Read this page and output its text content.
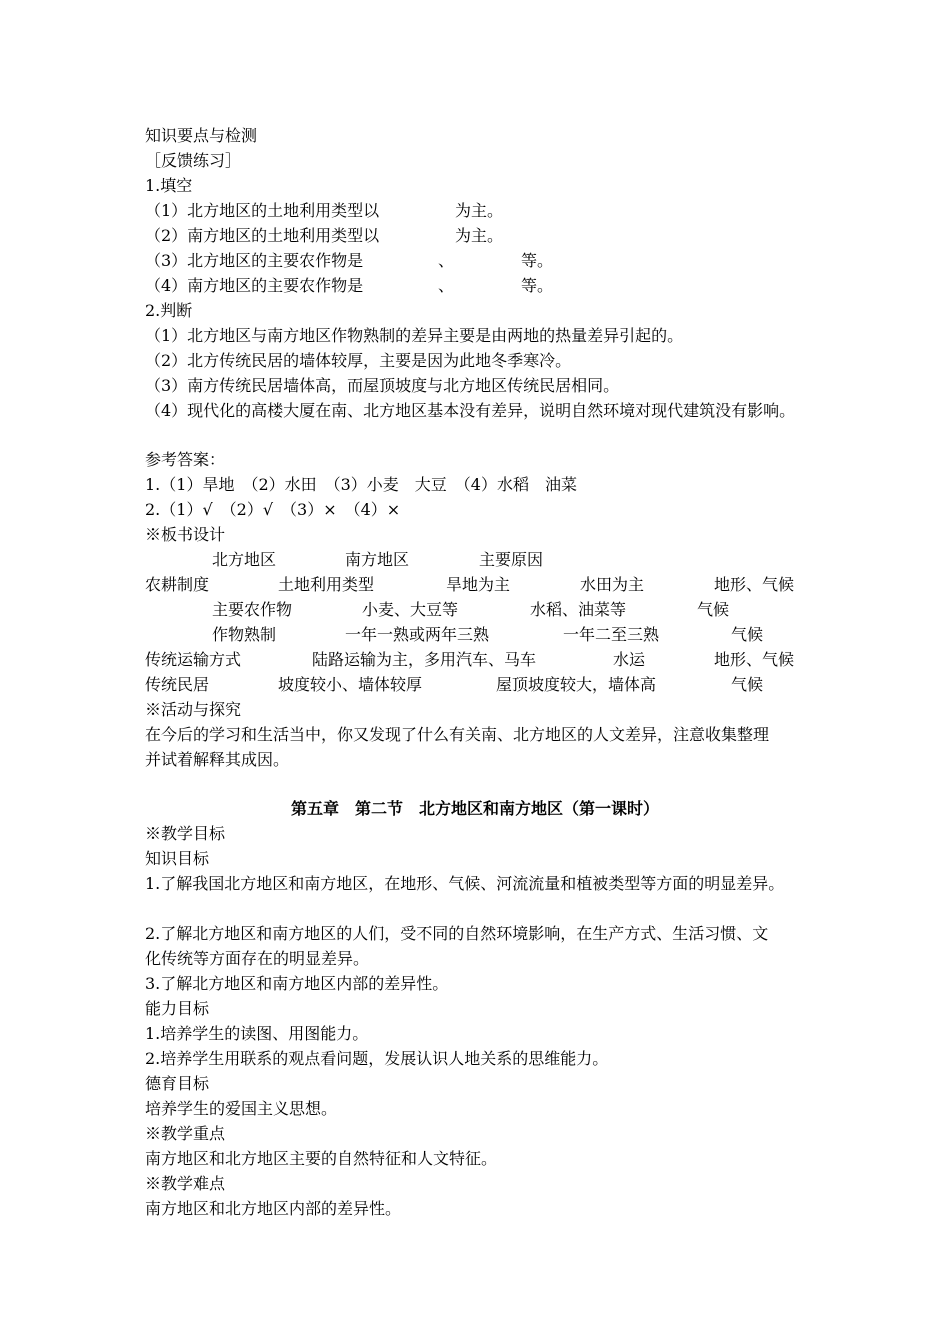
知识要点与检测
［反馈练习］
1.填空
（1）北方地区的土地利用类型以	为主。
（2）南方地区的土地利用类型以	为主。
（3）北方地区的主要农作物是	、	等。
（4）南方地区的主要农作物是	、	等。
2.判断
（1）北方地区与南方地区作物熟制的差异主要是由两地的热量差异引起的。
（2）北方传统民居的墙体较厚，主要是因为此地冬季寒冷。
（3）南方传统民居墙体高，而屋顶坡度与北方地区传统民居相同。
（4）现代化的高楼大厦在南、北方地区基本没有差异，说明自然环境对现代建筑没有影响。
参考答案：
1.（1）旱地　（2）水田　（3）小麦　大豆　（4）水稻　油菜
2.（1）√　（2）√　（3）×　（4）×
※板书设计
北方地区	南方地区	主要原因
农耕制度	土地利用类型	旱地为主	水田为主	地形、气候
主要农作物	小麦、大豆等	水稻、油菜等	气候
作物熟制	一年一熟或两年三熟	一年二至三熟	气候
传统运输方式	陆路运输为主，多用汽车、马车	水运	地形、气候
传统民居	坡度较小、墙体较厚	屋顶坡度较大，墙体高	气候
※活动与探究
在今后的学习和生活当中，你又发现了什么有关南、北方地区的人文差异，注意收集整理
并试着解释其成因。
第五章　第二节　北方地区和南方地区（第一课时）
※教学目标
知识目标
1.了解我国北方地区和南方地区，在地形、气候、河流流量和植被类型等方面的明显差异。
2.了解北方地区和南方地区的人们，受不同的自然环境影响，在生产方式、生活习惯、文
化传统等方面存在的明显差异。
3.了解北方地区和南方地区内部的差异性。
能力目标
1.培养学生的读图、用图能力。
2.培养学生用联系的观点看问题，发展认识人地关系的思维能力。
德育目标
培养学生的爱国主义思想。
※教学重点
南方地区和北方地区主要的自然特征和人文特征。
※教学难点
南方地区和北方地区内部的差异性。
